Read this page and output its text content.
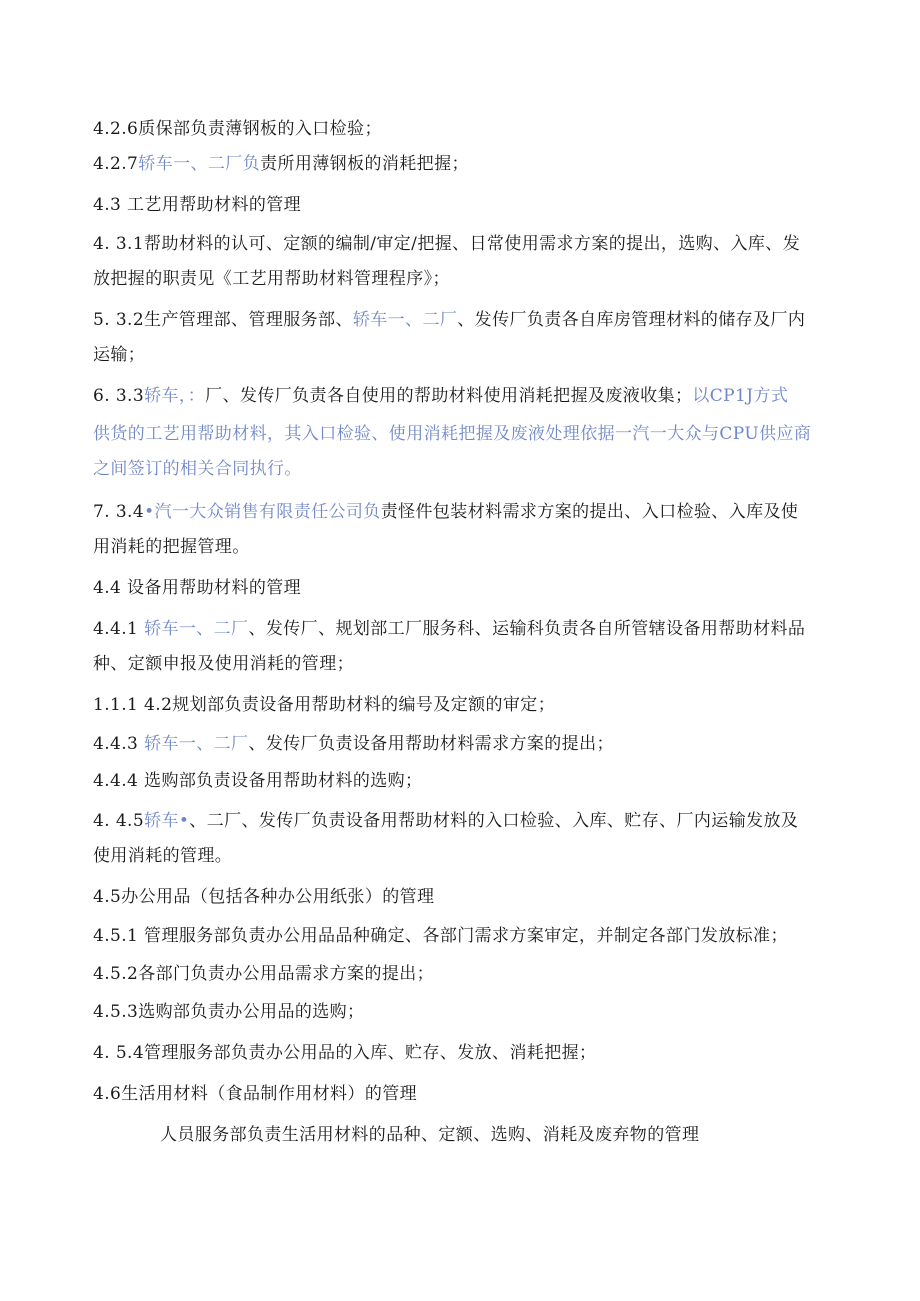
4.2.6质保部负责薄钢板的入口检验；
4.2.7轿车一、二厂负责所用薄钢板的消耗把握；
4.3 工艺用帮助材料的管理
4. 3.1帮助材料的认可、定额的编制/审定/把握、日常使用需求方案的提出，选购、入库、发
放把握的职责见《工艺用帮助材料管理程序》；
5. 3.2生产管理部、管理服务部、轿车一、二厂、发传厂负责各自库房管理材料的储存及厂内
运输；
6. 3.3轿车，：厂、发传厂负责各自使用的帮助材料使用消耗把握及废液收集；以CP1J方式
供货的工艺用帮助材料，其入口检验、使用消耗把握及废液处理依据一汽一大众与CPU供应商
之间签订的相关合同执行。
7. 3.4•汽一大众销售有限责任公司负责怪件包装材料需求方案的提出、入口检验、入库及使
用消耗的把握管理。
4.4 设备用帮助材料的管理
4.4.1 轿车一、二厂、发传厂、规划部工厂服务科、运输科负责各自所管辖设备用帮助材料品
种、定额申报及使用消耗的管理；
1.1.1 4.2规划部负责设备用帮助材料的编号及定额的审定；
4.4.3 轿车一、二厂、发传厂负责设备用帮助材料需求方案的提出；
4.4.4 选购部负责设备用帮助材料的选购；
4. 4.5轿车•、二厂、发传厂负责设备用帮助材料的入口检验、入库、贮存、厂内运输发放及
使用消耗的管理。
4.5办公用品（包括各种办公用纸张）的管理
4.5.1 管理服务部负责办公用品品种确定、各部门需求方案审定，并制定各部门发放标准；
4.5.2各部门负责办公用品需求方案的提出；
4.5.3选购部负责办公用品的选购；
4. 5.4管理服务部负责办公用品的入库、贮存、发放、消耗把握；
4.6生活用材料（食品制作用材料）的管理
人员服务部负责生活用材料的品种、定额、选购、消耗及废弃物的管理
